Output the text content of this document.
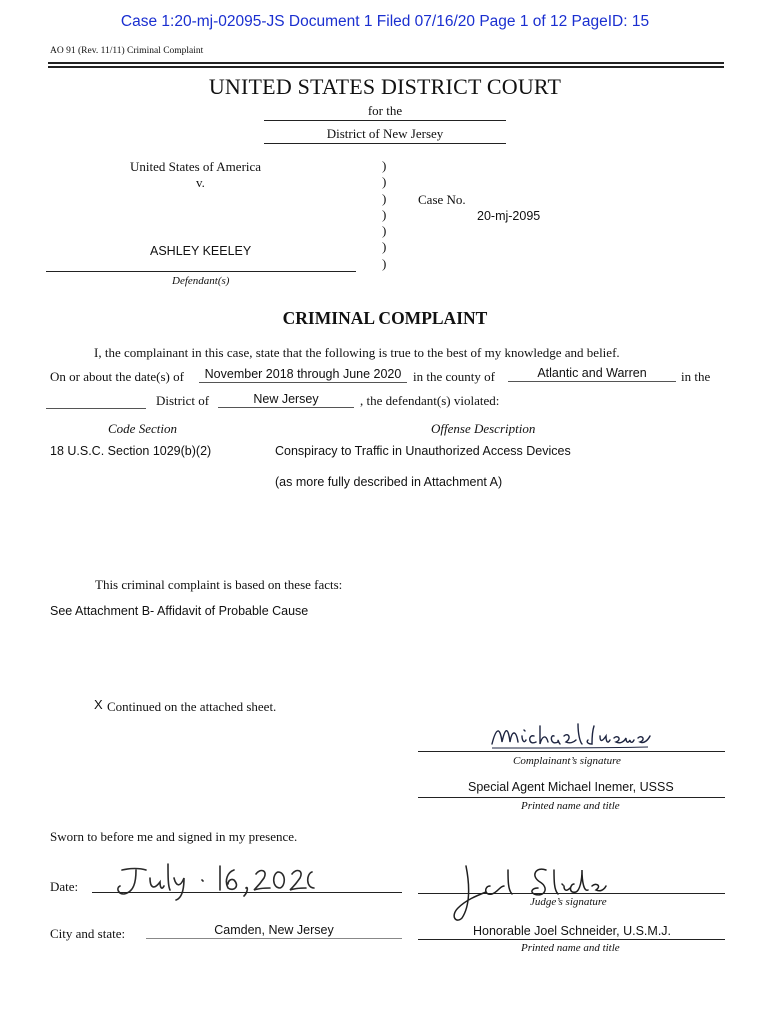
Case 1:20-mj-02095-JS Document 1 Filed 07/16/20 Page 1 of 12 PageID: 15
AO 91 (Rev. 11/11) Criminal Complaint
UNITED STATES DISTRICT COURT
for the
District of New Jersey
United States of America
v.
ASHLEY KEELEY
Defendant(s)
)
)
)
)
)
)
)
Case No.
20-mj-2095
CRIMINAL COMPLAINT
I, the complainant in this case, state that the following is true to the best of my knowledge and belief.
On or about the date(s) of	November 2018 through June 2020 in the county of	Atlantic and Warren	in the
District of	New Jersey	, the defendant(s) violated:
Code Section	Offense Description
18 U.S.C. Section 1029(b)(2)	Conspiracy to Traffic in Unauthorized Access Devices
(as more fully described in Attachment A)
This criminal complaint is based on these facts:
See Attachment B- Affidavit of Probable Cause
X Continued on the attached sheet.
Complainant’s signature
Special Agent Michael Inemer, USSS
Printed name and title
Sworn to before me and signed in my presence.
Date:
Judge’s signature
City and state:	Camden, New Jersey	Honorable Joel Schneider, U.S.M.J.
Printed name and title
